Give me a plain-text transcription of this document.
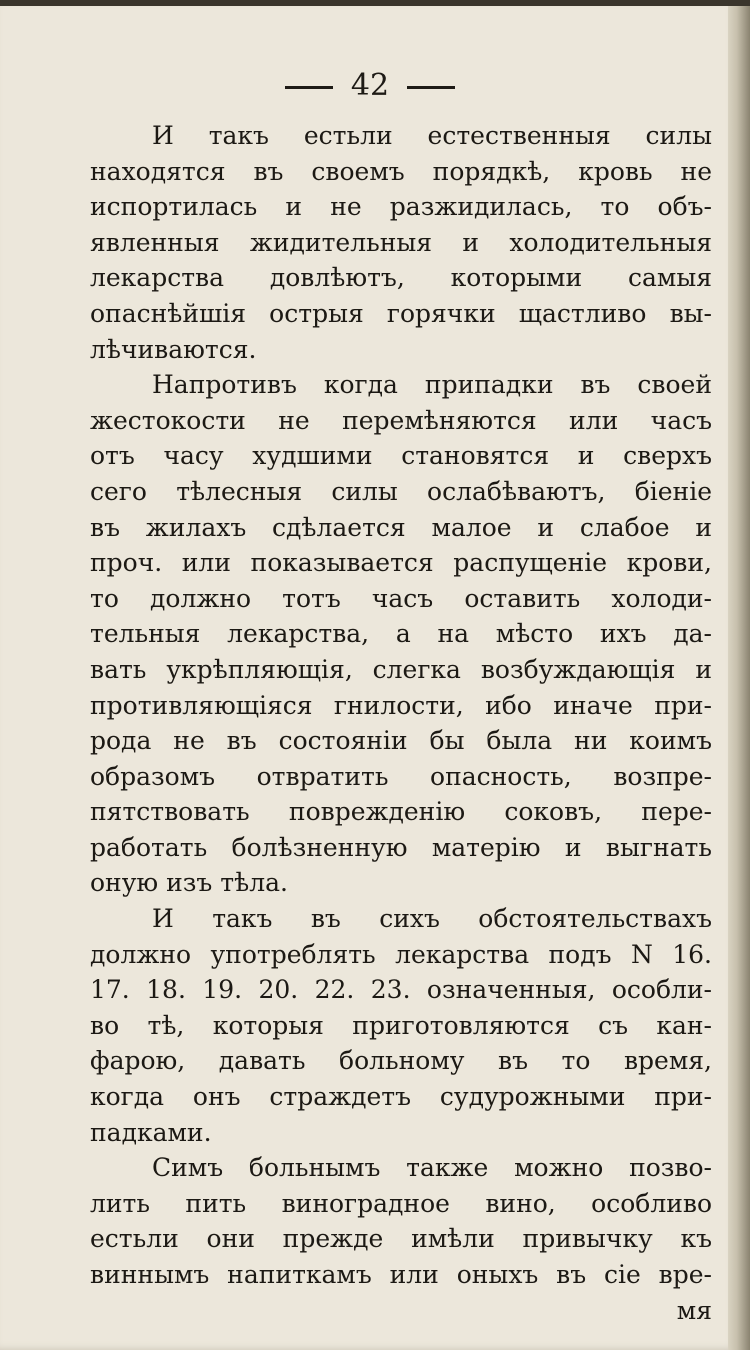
42
И такъ естьли естественныя силы
находятся въ своемъ порядкѣ, кровь не
испортилась и не разжидилась, то объ-
явленныя жидительныя и холодительныя
лекарства довлѣютъ, которыми самыя
опаснѣйшія острыя горячки щастливо вы-
лѣчиваются.
Напротивъ когда припадки въ своей
жестокости не перемѣняются или часъ
отъ часу худшими становятся и сверхъ
сего тѣлесныя силы ослабѣваютъ, біеніе
въ жилахъ сдѣлается малое и слабое и
проч. или показывается распущеніе крови,
то должно тотъ часъ оставить холоди-
тельныя лекарства, а на мѣсто ихъ да-
вать укрѣпляющія, слегка возбуждающія и
противляющіяся гнилости, ибо иначе при-
рода не въ состояніи бы была ни коимъ
образомъ отвратить опасность, возпре-
пятствовать поврежденію соковъ, пере-
работать болѣзненную матерію и выгнать
оную изъ тѣла.
И такъ въ сихъ обстоятельствахъ
должно употреблять лекарства подъ N 16.
17. 18. 19. 20. 22. 23. означенныя, особли-
во тѣ, которыя приготовляются съ кан-
фарою, давать больному въ то время,
когда онъ страждетъ судурожными при-
падками.
Симъ больнымъ также можно позво-
лить пить виноградное вино, особливо
естьли они прежде имѣли привычку къ
виннымъ напиткамъ или оныхъ въ сіе вре-
мя
